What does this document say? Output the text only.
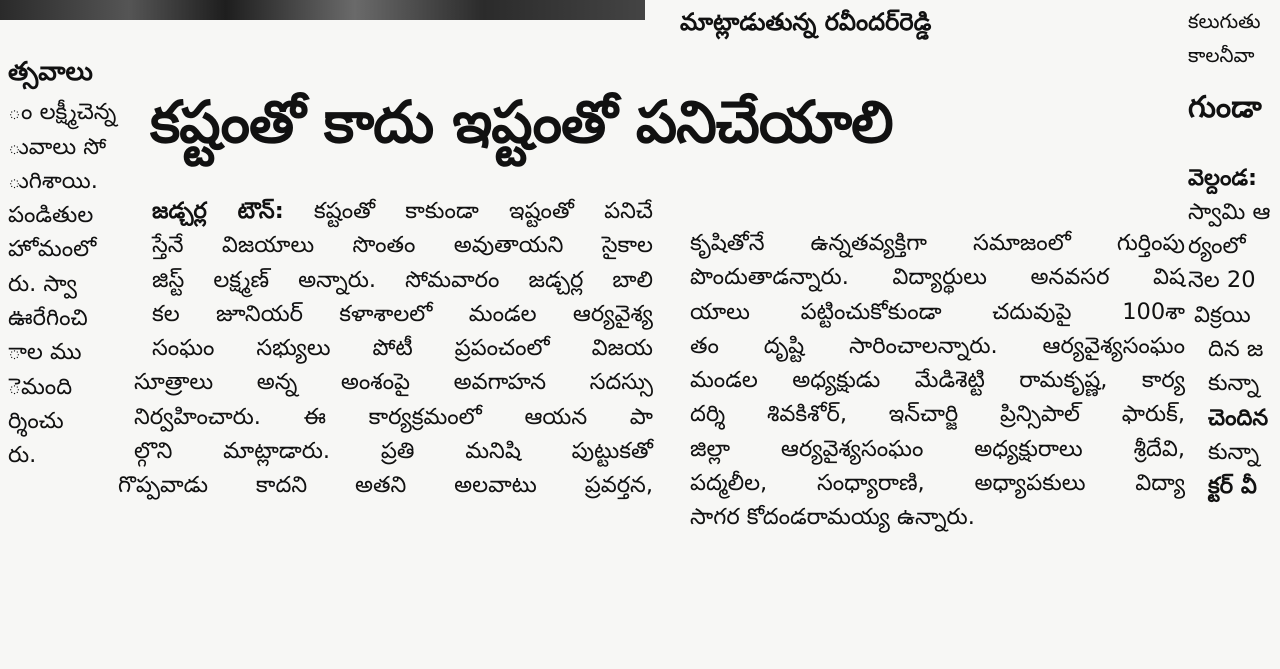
మాట్లాడుతున్న రవీందర్‌రెడ్డి
కష్టంతో కాదు ఇష్టంతో పనిచేయాలి
త్సవాలు
ం లక్ష్మీచెన్న
ువాలు సో
ుగిశాయి.
పండితుల
హోమంలో
రు. స్వా
ఊరేగించి
ాల ము
ెమంది
ర్శించు
రు.
జడ్చర్ల టౌన్: కష్టంతో కాకుండా ఇష్టంతో పనిచే
స్తేనే విజయాలు సొంతం అవుతాయని సైకాల
జిస్ట్ లక్ష్మణ్ అన్నారు. సోమవారం జడ్చర్ల బాలి
కల జూనియర్ కళాశాలలో మండల ఆర్యవైశ్య
సంఘం సభ్యులు పోటీ ప్రపంచంలో విజయ
సూత్రాలు అన్న అంశంపై అవగాహన సదస్సు
నిర్వహించారు. ఈ కార్యక్రమంలో ఆయన పా
ల్గొని మాట్లాడారు. ప్రతి మనిషి పుట్టుకతో
గొప్పవాడు కాదని అతని అలవాటు ప్రవర్తన,
కృషితోనే ఉన్నతవ్యక్తిగా సమాజంలో గుర్తింపు
పొందుతాడన్నారు. విద్యార్థులు అనవసర విష
యాలు పట్టించుకోకుండా చదువుపై 100శా
తం దృష్టి సారించాలన్నారు. ఆర్యవైశ్యసంఘం
మండల అధ్యక్షుడు మేడిశెట్టి రామకృష్ణ, కార్య
దర్శి శివకిశోర్, ఇన్‌చార్జి ప్రిన్సిపాల్ ఫారుక్,
జిల్లా ఆర్యవైశ్యసంఘం అధ్యక్షురాలు శ్రీదేవి,
పద్మలీల, సంధ్యారాణి, అధ్యాపకులు విద్యా
సాగర కోదండరామయ్య ఉన్నారు.
కలుగుతు
కాలనీవా
గుండా
వెల్దండ:
స్వామి ఆ
ర్యంలో
నెల 20
విక్రయి
దిన జ
కున్నా
చెందిన
కున్నా
క్టర్ వీ
